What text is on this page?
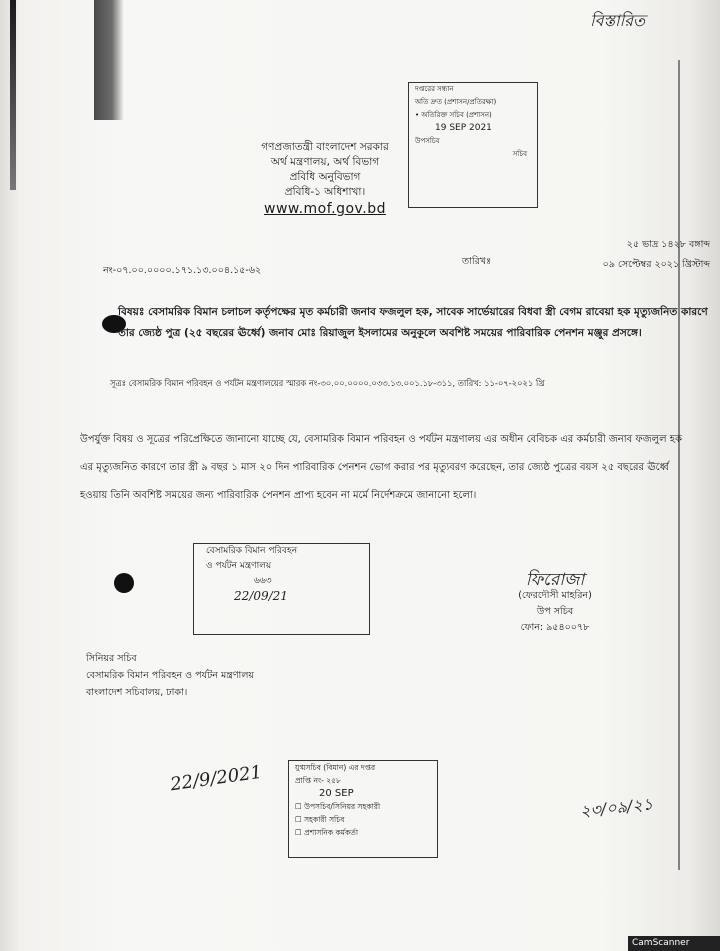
বিস্তারিত
গণপ্রজাতন্ত্রী বাংলাদেশ সরকার
অর্থ মন্ত্রণালয়, অর্থ বিভাগ
প্রবিধি অনুবিভাগ
প্রবিধি-১ অধিশাখা।
www.mof.gov.bd
দপ্তরের সন্ধান
অতি দ্রুত (প্রশাসন/প্রতিরক্ষা)
• অতিরিক্ত সচিব (প্রশাসন)
19 SEP 2021
উপসচিব
সচিব
২৫ ভাদ্র ১৪২৮ বঙ্গাব্দ
০৯ সেপ্টেম্বর ২০২১ খ্রিস্টাব্দ
তারিখঃ
নং-০৭.০০.০০০০.১৭১.১৩.০০৪.১৫-৬২
বিষয়ঃ বেসামরিক বিমান চলাচল কর্তৃপক্ষের মৃত কর্মচারী জনাব ফজলুল হক, সাবেক সার্ভেয়ারের বিধবা স্ত্রী বেগম রাবেয়া হক মৃত্যুজনিত কারণে তার জ্যেষ্ঠ পুত্র (২৫ বছরের ঊর্ধ্বে) জনাব মোঃ রিয়াজুল ইসলামের অনুকূলে অবশিষ্ট সময়ের পারিবারিক পেনশন মঞ্জুর প্রসঙ্গে।
সূত্রঃ বেসামরিক বিমান পরিবহন ও পর্যটন মন্ত্রণালয়ের স্মারক নং-৩০.০০.০০০০.০৩৩.১৩.০০১.১৮-৩১১, তারিখ: ১১-০৭-২০২১ খ্রি
উপর্যুক্ত বিষয় ও সূত্রের পরিপ্রেক্ষিতে জানানো যাচ্ছে যে, বেসামরিক বিমান পরিবহন ও পর্যটন মন্ত্রণালয় এর অধীন বেবিচক এর কর্মচারী জনাব ফজলুল হক এর মৃত্যুজনিত কারণে তার স্ত্রী ৯ বছর ১ মাস ২০ দিন পারিবারিক পেনশন ভোগ করার পর মৃত্যুবরণ করেছেন, তার জ্যেষ্ঠ পুত্রের বয়স ২৫ বছরের ঊর্ধ্বে হওয়ায় তিনি অবশিষ্ট সময়ের জন্য পারিবারিক পেনশন প্রাপ্য হবেন না মর্মে নির্দেশক্রমে জানানো হলো।
বেসামরিক বিমান পরিবহন
ও পর্যটন মন্ত্রণালয়
৬৬৩
22/09/21
ফিরোজা
(ফেরদৌসী মাহরিন)
উপ সচিব
ফোন: ৯৫৪০০৭৮
সিনিয়র সচিব
বেসামরিক বিমান পরিবহন ও পর্যটন মন্ত্রণালয়
বাংলাদেশ সচিবালয়, ঢাকা।
22/9/2021	যুগ্মসচিব (বিমান) এর দপ্তর
প্রাপ্তি নং- ২৫৮
20 SEP
☐ উপসচিব/সিনিয়র সহকারী
☐ সহকারী সচিব
☐ প্রশাসনিক কর্মকর্তা
২৩/০৯/২১
CamScanner
